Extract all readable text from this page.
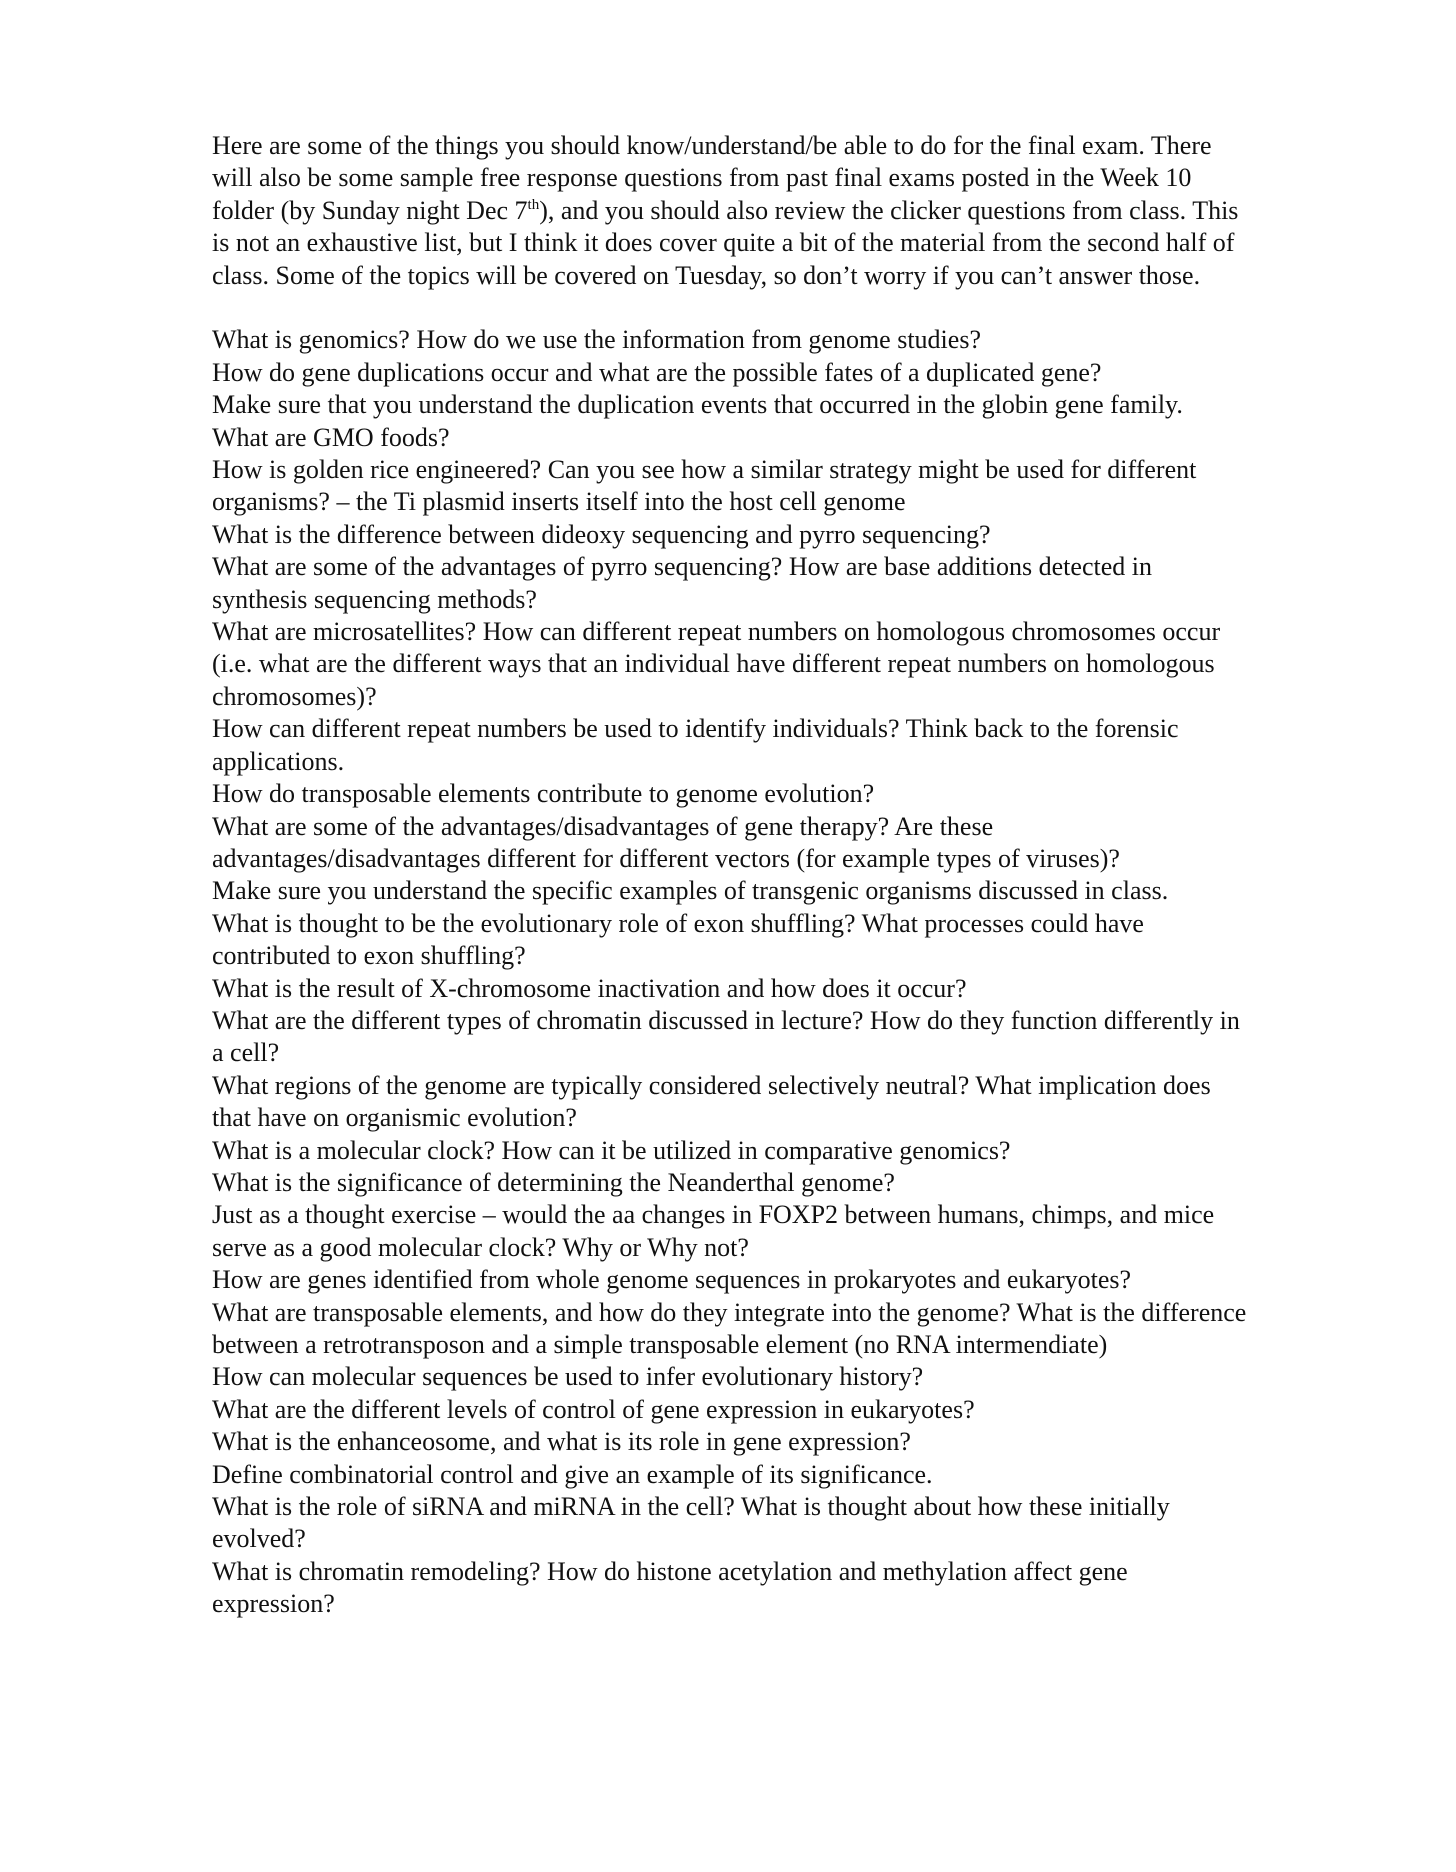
Here are some of the things you should know/understand/be able to do for the final exam. There will also be some sample free response questions from past final exams posted in the Week 10 folder (by Sunday night Dec 7th), and you should also review the clicker questions from class. This is not an exhaustive list, but I think it does cover quite a bit of the material from the second half of class. Some of the topics will be covered on Tuesday, so don’t worry if you can’t answer those.

What is genomics? How do we use the information from genome studies?

How do gene duplications occur and what are the possible fates of a duplicated gene?

Make sure that you understand the duplication events that occurred in the globin gene family.

What are GMO foods?

How is golden rice engineered? Can you see how a similar strategy might be used for different organisms? – the Ti plasmid inserts itself into the host cell genome

What is the difference between dideoxy sequencing and pyrro sequencing?

What are some of the advantages of pyrro sequencing? How are base additions detected in synthesis sequencing methods?

What are microsatellites? How can different repeat numbers on homologous chromosomes occur (i.e. what are the different ways that an individual have different repeat numbers on homologous chromosomes)?

How can different repeat numbers be used to identify individuals? Think back to the forensic applications.

How do transposable elements contribute to genome evolution?

What are some of the advantages/disadvantages of gene therapy? Are these advantages/disadvantages different for different vectors (for example types of viruses)?

Make sure you understand the specific examples of transgenic organisms discussed in class.

What is thought to be the evolutionary role of exon shuffling? What processes could have contributed to exon shuffling?

What is the result of X-chromosome inactivation and how does it occur?

What are the different types of chromatin discussed in lecture? How do they function differently in a cell?

What regions of the genome are typically considered selectively neutral? What implication does that have on organismic evolution?

What is a molecular clock? How can it be utilized in comparative genomics?

What is the significance of determining the Neanderthal genome?

Just as a thought exercise – would the aa changes in FOXP2 between humans, chimps, and mice serve as a good molecular clock? Why or Why not?

How are genes identified from whole genome sequences in prokaryotes and eukaryotes?

What are transposable elements, and how do they integrate into the genome? What is the difference between a retrotransposon and a simple transposable element (no RNA intermendiate)

How can molecular sequences be used to infer evolutionary history?

What are the different levels of control of gene expression in eukaryotes?

What is the enhanceosome, and what is its role in gene expression?

Define combinatorial control and give an example of its significance.

What is the role of siRNA and miRNA in the cell? What is thought about how these initially evolved?

What is chromatin remodeling? How do histone acetylation and methylation affect gene expression?
